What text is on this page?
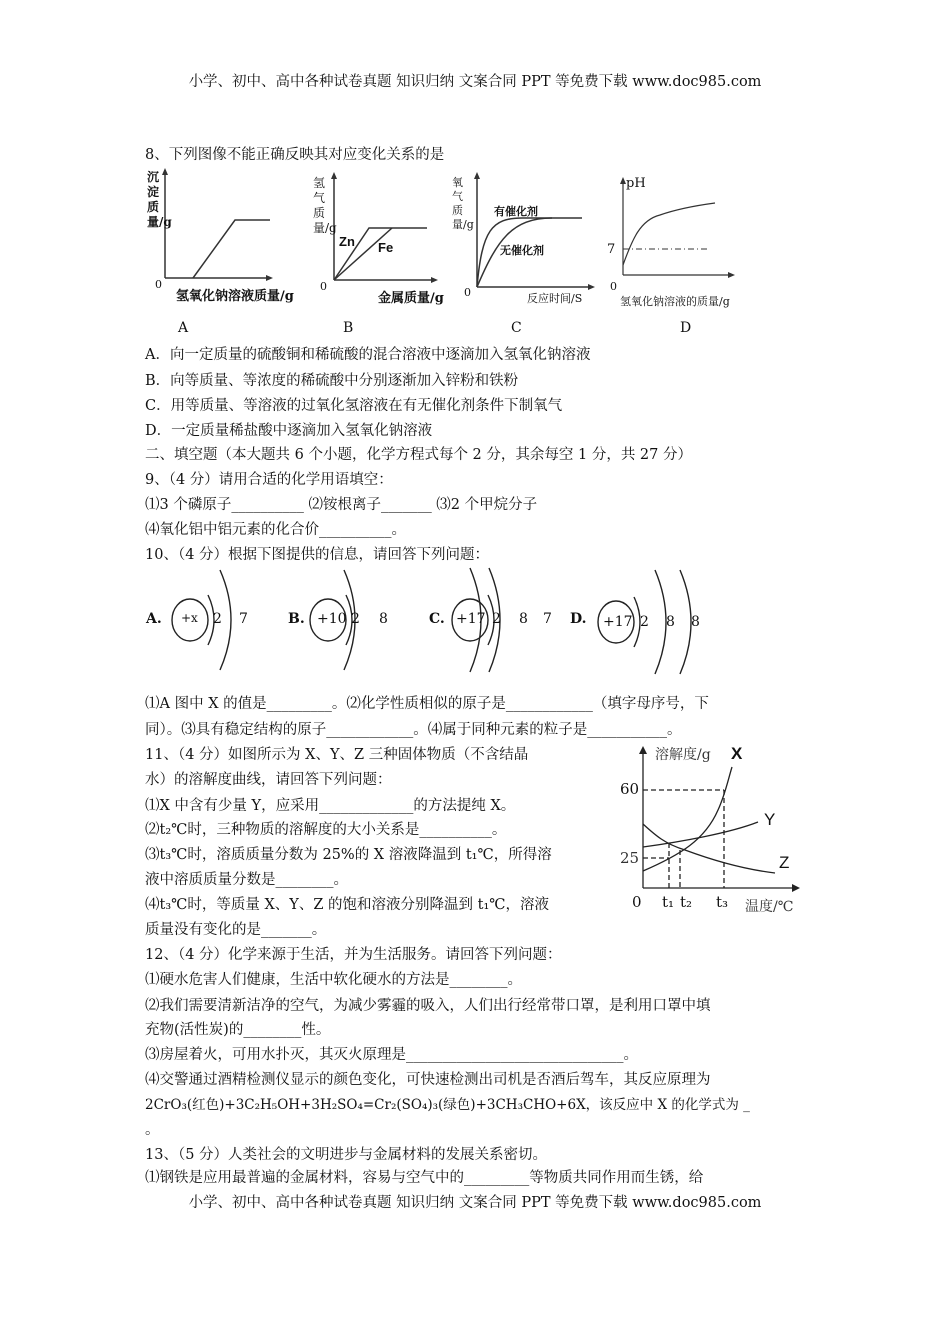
小学、初中、高中各种试卷真题 知识归纳 文案合同 PPT 等免费下载 www.doc985.com
8、下列图像不能正确反映其对应变化关系的是
沉淀质量/g
0
氢氧化钠溶液质量/g
氢气质量/g
0
Zn Fe
金属质量/g
氧气质量/g
0
有催化剂
无催化剂
反应时间/S
pH
7
0
氢氧化钠溶液的质量/g
A	B	C	D
A．向一定质量的硫酸铜和稀硫酸的混合溶液中逐滴加入氢氧化钠溶液
B．向等质量、等浓度的稀硫酸中分别逐渐加入锌粉和铁粉
C．用等质量、等溶液的过氧化氢溶液在有无催化剂条件下制氧气
D．一定质量稀盐酸中逐滴加入氢氧化钠溶液
二、填空题（本大题共 6 个小题，化学方程式每个 2 分，其余每空 1 分，共 27 分）
9、（4 分）请用合适的化学用语填空：
⑴3 个磷原子__________ ⑵铵根离子_______ ⑶2 个甲烷分子
⑷氧化铝中铝元素的化合价__________。
10、（4 分）根据下图提供的信息，请回答下列问题：
A. +x 2 7	B. +10 2 8	C. +17 2 8 7 D. +17 2 8 8
⑴A 图中 X 的值是_________。⑵化学性质相似的原子是____________（填字母序号，下
同）。⑶具有稳定结构的原子____________。⑷属于同种元素的粒子是___________。
11、（4 分）如图所示为 X、Y、Z 三种固体物质（不含结晶
水）的溶解度曲线，请回答下列问题：
⑴X 中含有少量 Y，应采用_____________的方法提纯 X。
⑵t₂℃时，三种物质的溶解度的大小关系是__________。
⑶t₃℃时，溶质质量分数为 25%的 X 溶液降温到 t₁℃，所得溶
液中溶质质量分数是________。
⑷t₃℃时，等质量 X、Y、Z 的饱和溶液分别降温到 t₁℃，溶液
质量没有变化的是_______。
溶解度/g X
Y
Z
60
25
0 t₁ t₂ t₃ 温度/℃
12、（4 分）化学来源于生活，并为生活服务。请回答下列问题：
⑴硬水危害人们健康，生活中软化硬水的方法是________。
⑵我们需要清新洁净的空气，为减少雾霾的吸入，人们出行经常带口罩，是利用口罩中填
充物(活性炭)的________性。
⑶房屋着火，可用水扑灭，其灭火原理是______________________________。
⑷交警通过酒精检测仪显示的颜色变化，可快速检测出司机是否酒后驾车，其反应原理为
2CrO₃(红色)+3C₂H₅OH+3H₂SO₄=Cr₂(SO₄)₃(绿色)+3CH₃CHO+6X，该反应中 X 的化学式为 _
。
13、（5 分）人类社会的文明进步与金属材料的发展关系密切。
⑴钢铁是应用最普遍的金属材料，容易与空气中的_________等物质共同作用而生锈，给
小学、初中、高中各种试卷真题 知识归纳 文案合同 PPT 等免费下载 www.doc985.com
